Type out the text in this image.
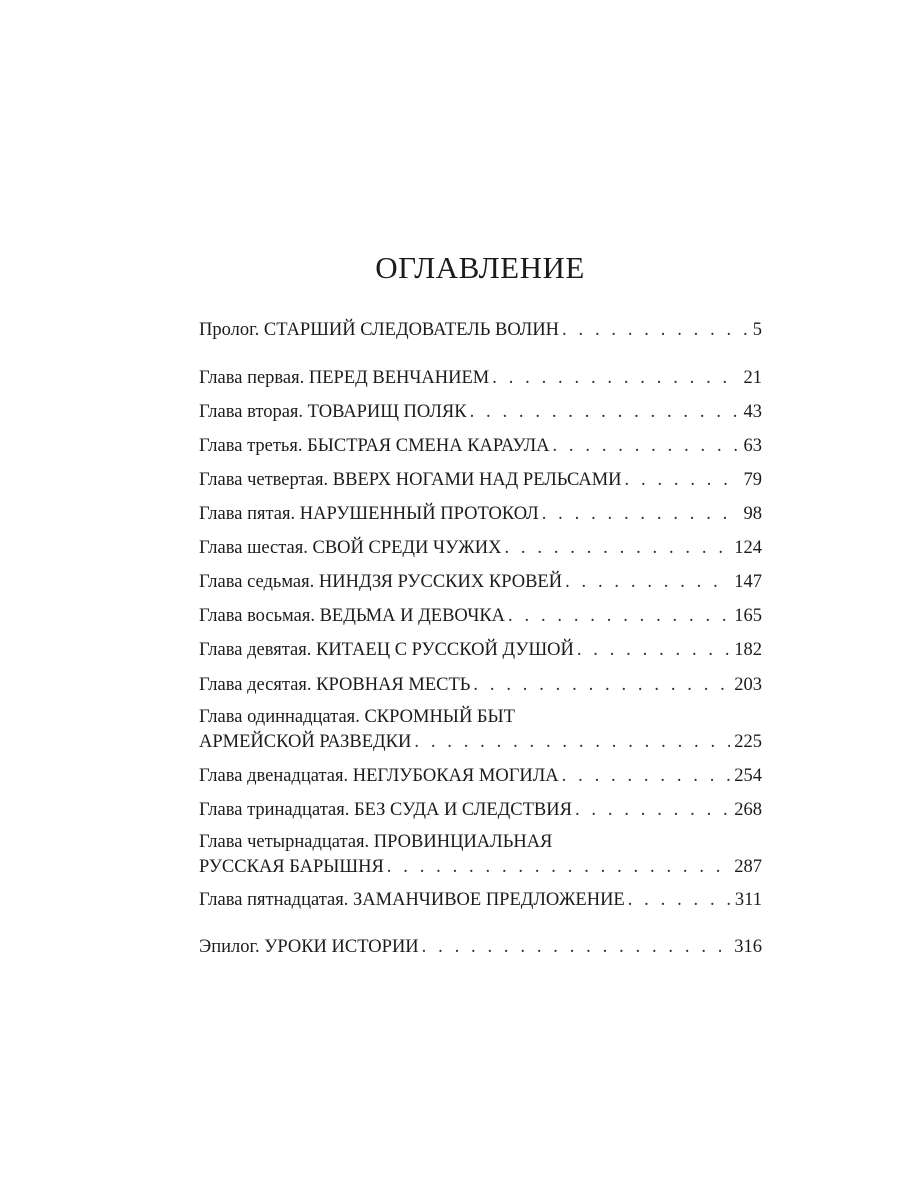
ОГЛАВЛЕНИЕ
Пролог. СТАРШИЙ СЛЕДОВАТЕЛЬ ВОЛИН . . .	5
Глава первая. ПЕРЕД ВЕНЧАНИЕМ . . .	21
Глава вторая. ТОВАРИЩ ПОЛЯК . . .	43
Глава третья. БЫСТРАЯ СМЕНА КАРАУЛА . . .	63
Глава четвертая. ВВЕРХ НОГАМИ НАД РЕЛЬСАМИ . . .	79
Глава пятая. НАРУШЕННЫЙ ПРОТОКОЛ . . .	98
Глава шестая. СВОЙ СРЕДИ ЧУЖИХ . . .	124
Глава седьмая. НИНДЗЯ РУССКИХ КРОВЕЙ . . .	147
Глава восьмая. ВЕДЬМА И ДЕВОЧКА . . .	165
Глава девятая. КИТАЕЦ С РУССКОЙ ДУШОЙ . . .	182
Глава десятая. КРОВНАЯ МЕСТЬ . . .	203
Глава одиннадцатая. СКРОМНЫЙ БЫТ
АРМЕЙСКОЙ РАЗВЕДКИ . . .	225
Глава двенадцатая. НЕГЛУБОКАЯ МОГИЛА . . .	254
Глава тринадцатая. БЕЗ СУДА И СЛЕДСТВИЯ . . .	268
Глава четырнадцатая. ПРОВИНЦИАЛЬНАЯ
РУССКАЯ БАРЫШНЯ . . .	287
Глава пятнадцатая. ЗАМАНЧИВОЕ ПРЕДЛОЖЕНИЕ . . .	311
Эпилог. УРОКИ ИСТОРИИ . . .	316
